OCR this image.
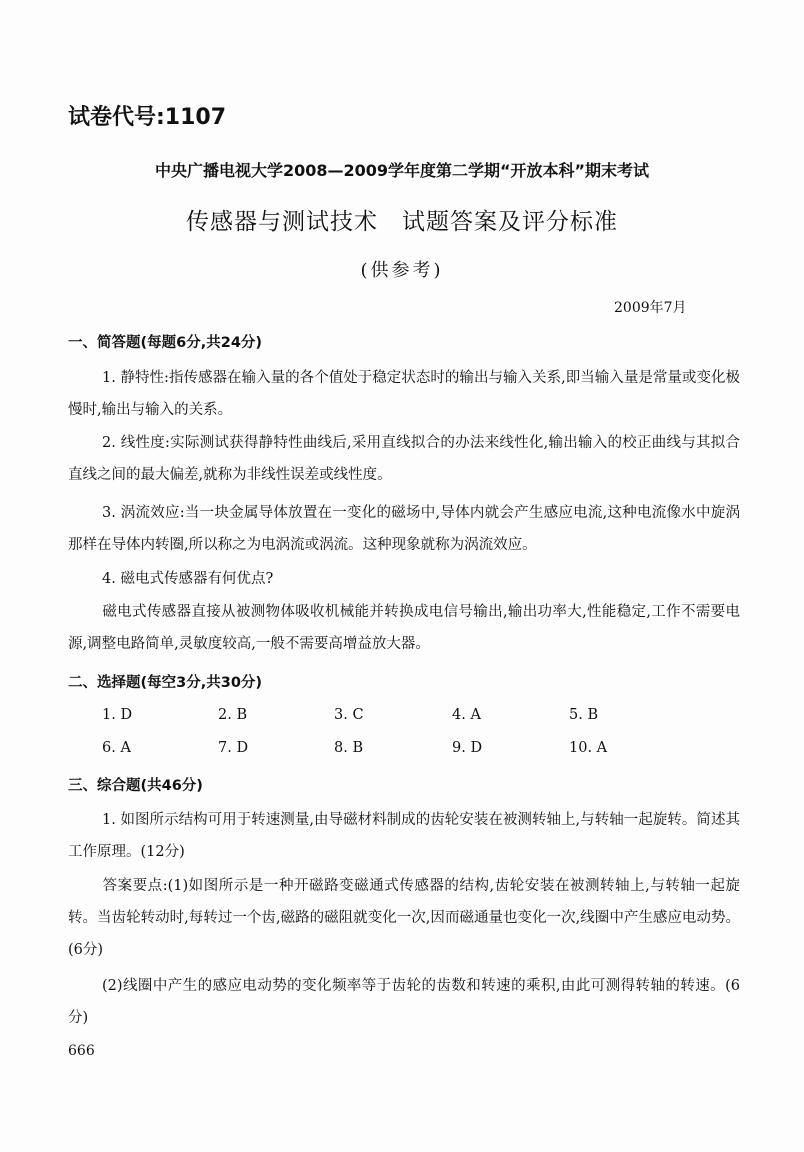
试卷代号:1107
中央广播电视大学2008—2009学年度第二学期“开放本科”期末考试
传感器与测试技术　试题答案及评分标准
(供参考)
2009年7月
一、简答题(每题6分,共24分)
1. 静特性:指传感器在输入量的各个值处于稳定状态时的输出与输入关系,即当输入量是常量或变化极慢时,输出与输入的关系。
2. 线性度:实际测试获得静特性曲线后,采用直线拟合的办法来线性化,输出输入的校正曲线与其拟合直线之间的最大偏差,就称为非线性误差或线性度。
3. 涡流效应:当一块金属导体放置在一变化的磁场中,导体内就会产生感应电流,这种电流像水中旋涡那样在导体内转圈,所以称之为电涡流或涡流。这种现象就称为涡流效应。
4. 磁电式传感器有何优点?
磁电式传感器直接从被测物体吸收机械能并转换成电信号输出,输出功率大,性能稳定,工作不需要电源,调整电路简单,灵敏度较高,一般不需要高增益放大器。
二、选择题(每空3分,共30分)
1. D	2. B	3. C	4. A	5. B
6. A	7. D	8. B	9. D	10. A
三、综合题(共46分)
1. 如图所示结构可用于转速测量,由导磁材料制成的齿轮安装在被测转轴上,与转轴一起旋转。简述其工作原理。(12分)
答案要点:(1)如图所示是一种开磁路变磁通式传感器的结构,齿轮安装在被测转轴上,与转轴一起旋转。当齿轮转动时,每转过一个齿,磁路的磁阻就变化一次,因而磁通量也变化一次,线圈中产生感应电动势。(6分)
(2)线圈中产生的感应电动势的变化频率等于齿轮的齿数和转速的乘积,由此可测得转轴的转速。(6分)
666
